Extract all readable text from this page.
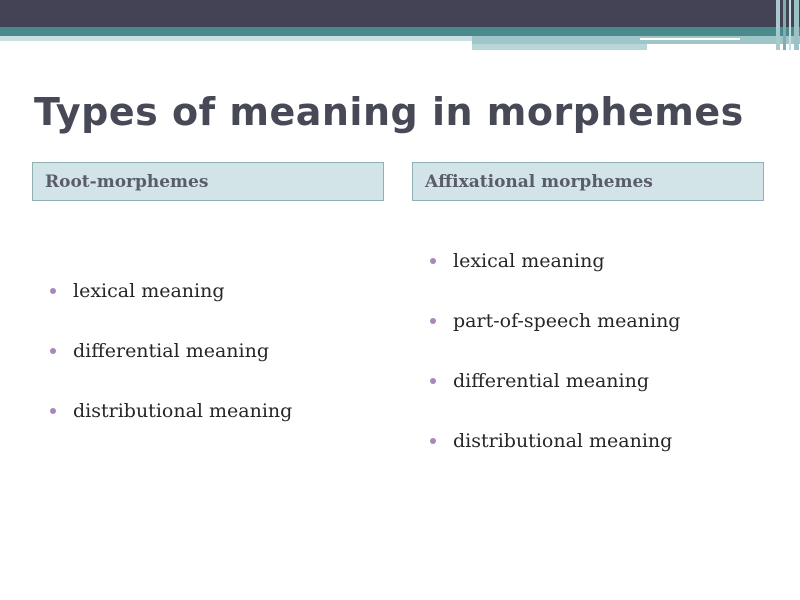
Types of meaning in morphemes
Root-morphemes	Affixational morphemes
lexical meaning
differential meaning
distributional meaning
lexical meaning
part-of-speech meaning
differential meaning
distributional meaning
